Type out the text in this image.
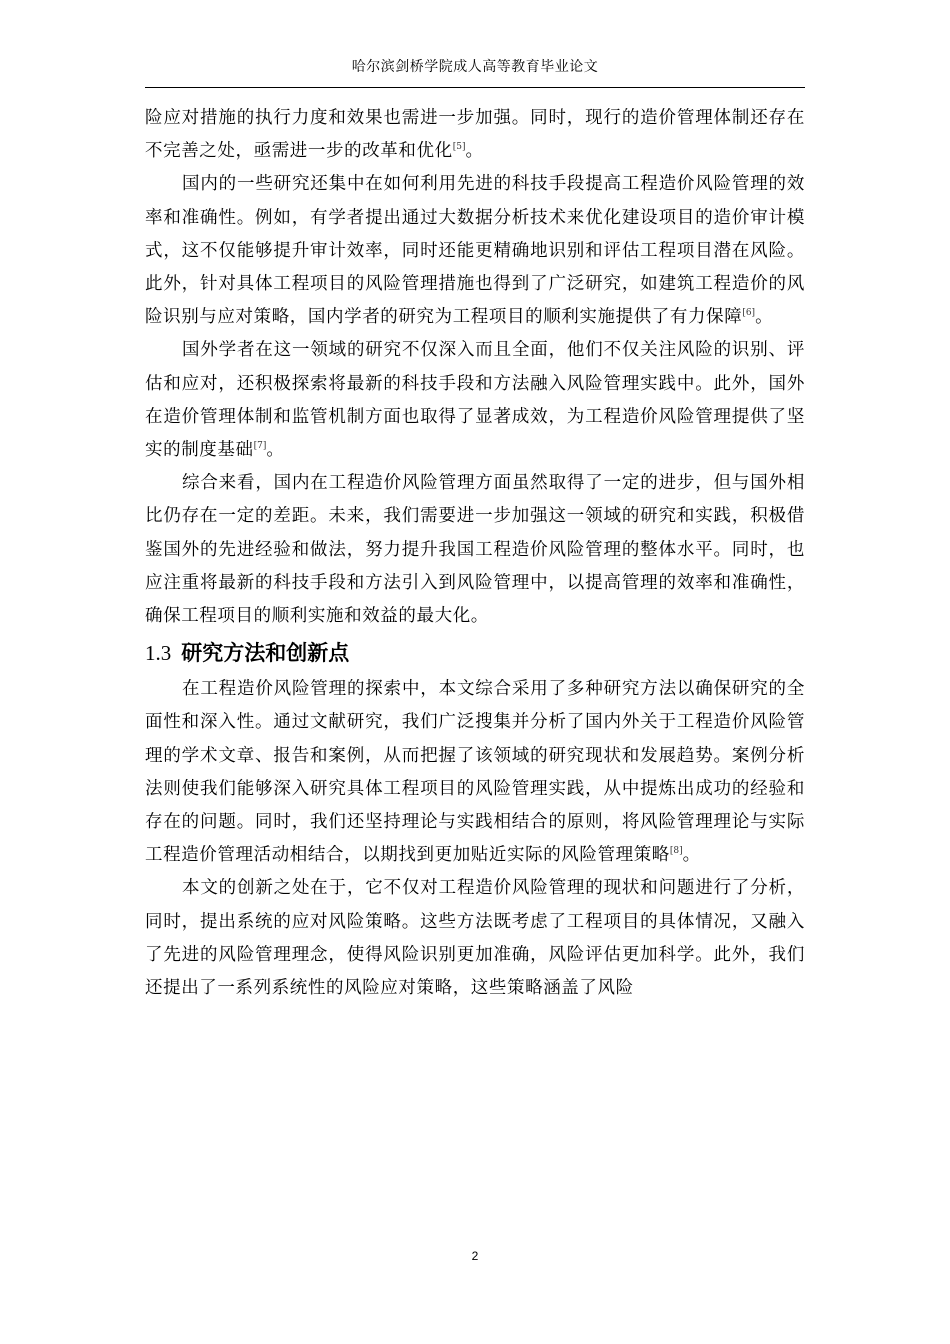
哈尔滨剑桥学院成人高等教育毕业论文

险应对措施的执行力度和效果也需进一步加强。同时，现行的造价管理体制还存在不完善之处，亟需进一步的改革和优化[5]。

国内的一些研究还集中在如何利用先进的科技手段提高工程造价风险管理的效率和准确性。例如，有学者提出通过大数据分析技术来优化建设项目的造价审计模式，这不仅能够提升审计效率，同时还能更精确地识别和评估工程项目潜在风险。此外，针对具体工程项目的风险管理措施也得到了广泛研究，如建筑工程造价的风险识别与应对策略，国内学者的研究为工程项目的顺利实施提供了有力保障[6]。

国外学者在这一领域的研究不仅深入而且全面，他们不仅关注风险的识别、评估和应对，还积极探索将最新的科技手段和方法融入风险管理实践中。此外，国外在造价管理体制和监管机制方面也取得了显著成效，为工程造价风险管理提供了坚实的制度基础[7]。

综合来看，国内在工程造价风险管理方面虽然取得了一定的进步，但与国外相比仍存在一定的差距。未来，我们需要进一步加强这一领域的研究和实践，积极借鉴国外的先进经验和做法，努力提升我国工程造价风险管理的整体水平。同时，也应注重将最新的科技手段和方法引入到风险管理中，以提高管理的效率和准确性，确保工程项目的顺利实施和效益的最大化。

1.3 研究方法和创新点

在工程造价风险管理的探索中，本文综合采用了多种研究方法以确保研究的全面性和深入性。通过文献研究，我们广泛搜集并分析了国内外关于工程造价风险管理的学术文章、报告和案例，从而把握了该领域的研究现状和发展趋势。案例分析法则使我们能够深入研究具体工程项目的风险管理实践，从中提炼出成功的经验和存在的问题。同时，我们还坚持理论与实践相结合的原则，将风险管理理论与实际工程造价管理活动相结合，以期找到更加贴近实际的风险管理策略[8]。

本文的创新之处在于，它不仅对工程造价风险管理的现状和问题进行了分析，同时，提出系统的应对风险策略。这些方法既考虑了工程项目的具体情况，又融入了先进的风险管理理念，使得风险识别更加准确，风险评估更加科学。此外，我们还提出了一系列系统性的风险应对策略，这些策略涵盖了风险

2
